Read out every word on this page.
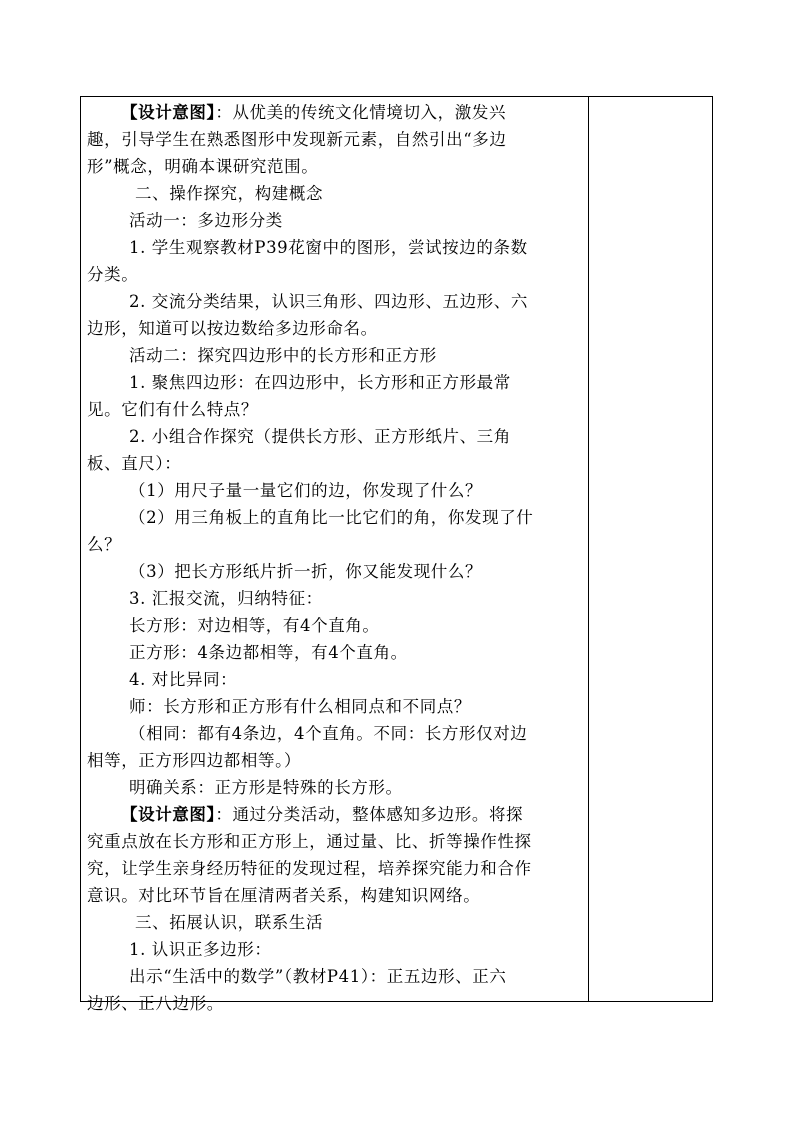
【设计意图】：从优美的传统文化情境切入，激发兴
趣，引导学生在熟悉图形中发现新元素，自然引出“多边
形”概念，明确本课研究范围。
二、操作探究，构建概念
活动一：多边形分类
1. 学生观察教材P39花窗中的图形，尝试按边的条数
分类。
2. 交流分类结果，认识三角形、四边形、五边形、六
边形，知道可以按边数给多边形命名。
活动二：探究四边形中的长方形和正方形
1. 聚焦四边形：在四边形中，长方形和正方形最常
见。它们有什么特点？
2. 小组合作探究（提供长方形、正方形纸片、三角
板、直尺）：
（1）用尺子量一量它们的边，你发现了什么？
（2）用三角板上的直角比一比它们的角，你发现了什
么？
（3）把长方形纸片折一折，你又能发现什么？
3. 汇报交流，归纳特征：
长方形：对边相等，有4个直角。
正方形：4条边都相等，有4个直角。
4. 对比异同：
师：长方形和正方形有什么相同点和不同点？
（相同：都有4条边，4个直角。不同：长方形仅对边
相等，正方形四边都相等。）
明确关系：正方形是特殊的长方形。
【设计意图】：通过分类活动，整体感知多边形。将探
究重点放在长方形和正方形上，通过量、比、折等操作性探
究，让学生亲身经历特征的发现过程，培养探究能力和合作
意识。对比环节旨在厘清两者关系，构建知识网络。
三、拓展认识，联系生活
1. 认识正多边形：
出示“生活中的数学”（教材P41）：正五边形、正六
边形、正八边形。
